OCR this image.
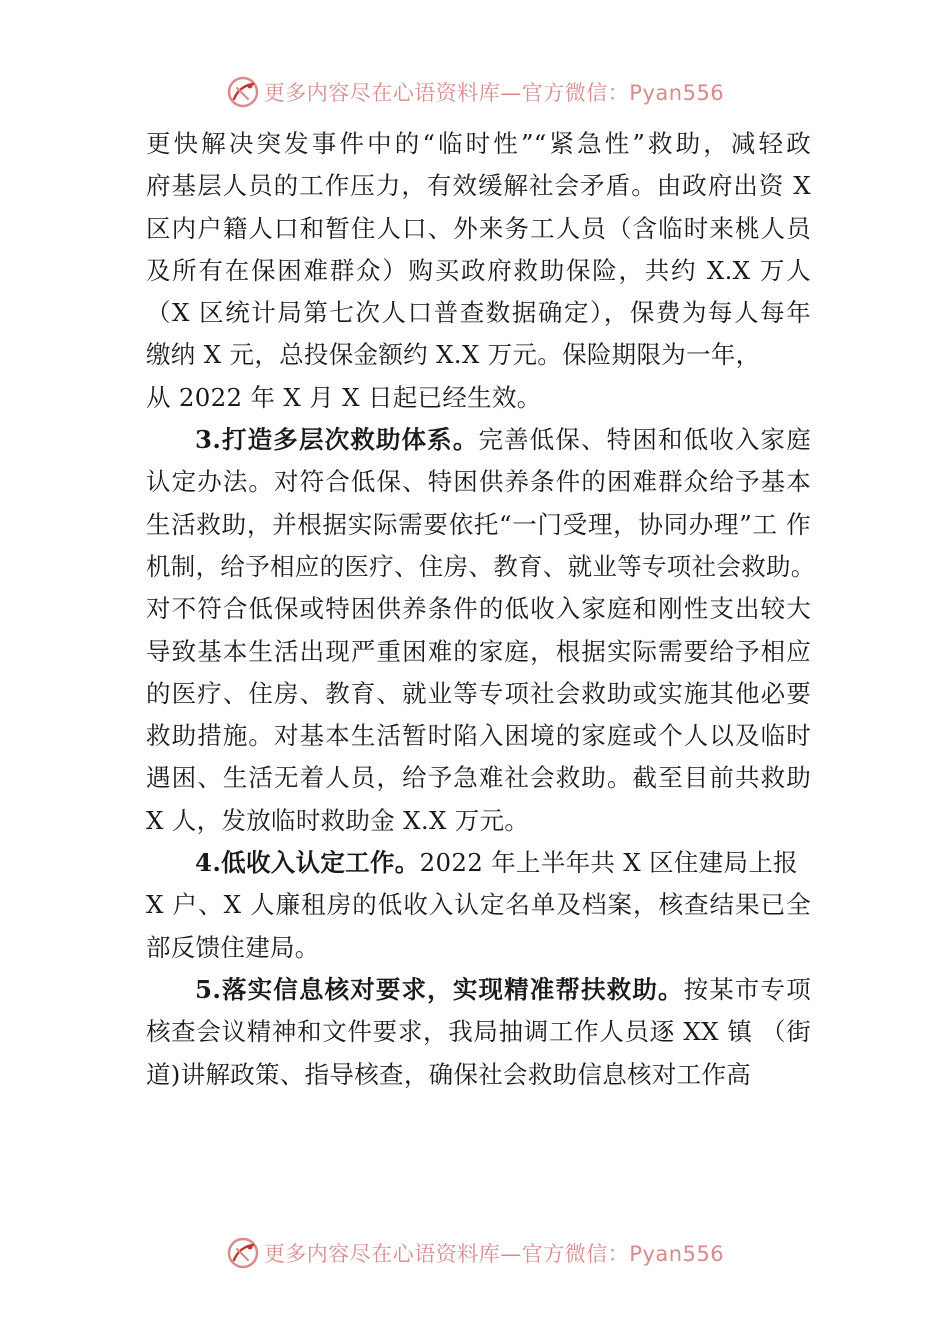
更多内容尽在心语资料库—官方微信：Pyan556

更快解决突发事件中的“临时性”“紧急性”救助，减轻政
府基层人员的工作压力，有效缓解社会矛盾。由政府出资 X
区内户籍人口和暂住人口、外来务工人员（含临时来桃人员
及所有在保困难群众）购买政府救助保险，共约 X.X 万人
（X 区统计局第七次人口普查数据确定），保费为每人每年
缴纳 X 元，总投保金额约 X.X 万元。保险期限为一年，
从 2022 年 X 月 X 日起已经生效。

3.打造多层次救助体系。完善低保、特困和低收入家庭
认定办法。对符合低保、特困供养条件的困难群众给予基本
生活救助，并根据实际需要依托“一门受理，协同办理”工 作
机制，给予相应的医疗、住房、教育、就业等专项社会救助。
对不符合低保或特困供养条件的低收入家庭和刚性支出较大
导致基本生活出现严重困难的家庭，根据实际需要给予相应
的医疗、住房、教育、就业等专项社会救助或实施其他必要
救助措施。对基本生活暂时陷入困境的家庭或个人以及临时
遇困、生活无着人员，给予急难社会救助。截至目前共救助
X 人，发放临时救助金 X.X 万元。

4.低收入认定工作。2022 年上半年共 X 区住建局上报
X 户、X 人廉租房的低收入认定名单及档案，核查结果已全
部反馈住建局。

5.落实信息核对要求，实现精准帮扶救助。按某市专项
核查会议精神和文件要求，我局抽调工作人员逐 XX 镇 （街
道)讲解政策、指导核查，确保社会救助信息核对工作高

更多内容尽在心语资料库—官方微信：Pyan556
